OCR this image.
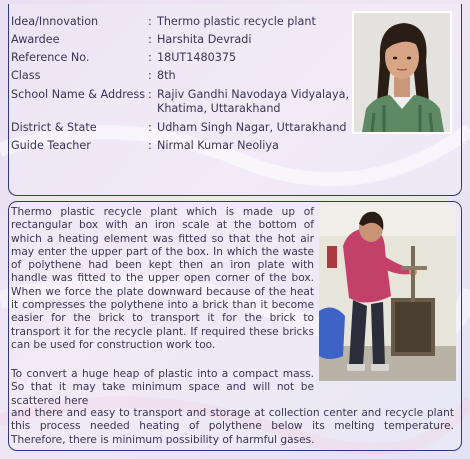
Idea/Innovation	: Thermo plastic recycle plant
Awardee	: Harshita Devradi
Reference No.	: 18UT1480375
Class	: 8th
School Name & Address : Rajiv Gandhi Navodaya Vidyalaya,
Khatima, Uttarakhand
District & State	: Udham Singh Nagar, Uttarakhand
Guide Teacher	: Nirmal Kumar Neoliya

Thermo plastic recycle plant which is made up of rectangular box with an iron scale at the bottom of which a heating element was fitted so that the hot air may enter the upper part of the box. In which the waste of polythene had been kept then an iron plate with handle was fitted to the upper open corner of the box. When we force the plate downward because of the heat it compresses the polythene into a brick than it become easier for the brick to transport it for the brick to transport it for the recycle plant. If required these bricks can be used for construction work too.

To convert a huge heap of plastic into a compact mass. So that it may take minimum space and will not be scattered here

and there and easy to transport and storage at collection center and recycle plant this process needed heating of polythene below its melting temperature. Therefore, there is minimum possibility of harmful gases.
